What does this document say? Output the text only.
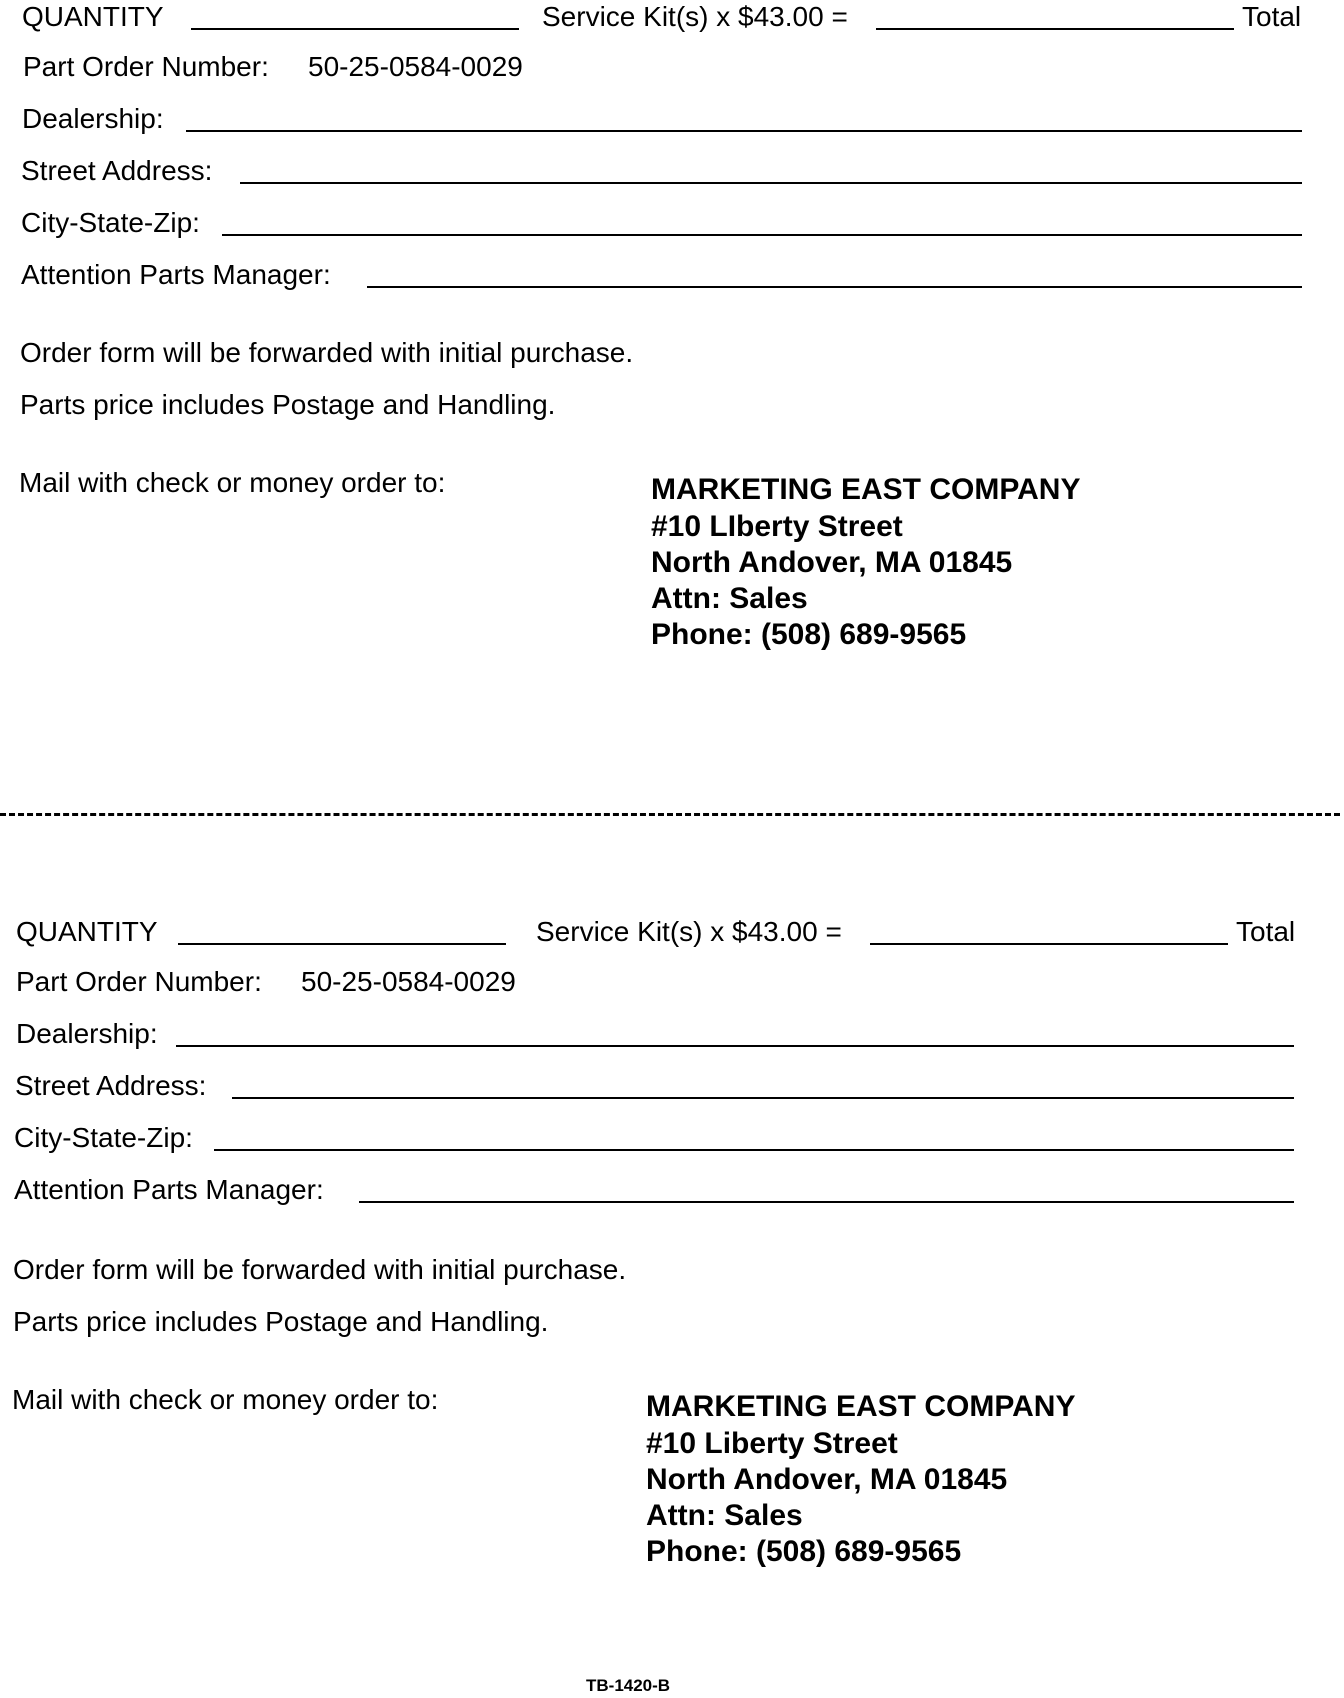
QUANTITY	Service Kit(s) x $43.00 =	Total
Part Order Number: 50-25-0584-0029
Dealership:
Street Address:
City-State-Zip:
Attention Parts Manager:
Order form will be forwarded with initial purchase.
Parts price includes Postage and Handling.
Mail with check or money order to:	MARKETING EAST COMPANY
#10 LIberty Street
North Andover, MA 01845
Attn: Sales
Phone: (508) 689-9565
QUANTITY	Service Kit(s) x $43.00 =	Total
Part Order Number: 50-25-0584-0029
Dealership:
Street Address:
City-State-Zip:
Attention Parts Manager:
Order form will be forwarded with initial purchase.
Parts price includes Postage and Handling.
Mail with check or money order to:	MARKETING EAST COMPANY
#10 Liberty Street
North Andover, MA 01845
Attn: Sales
Phone: (508) 689-9565
TB-1420-B
